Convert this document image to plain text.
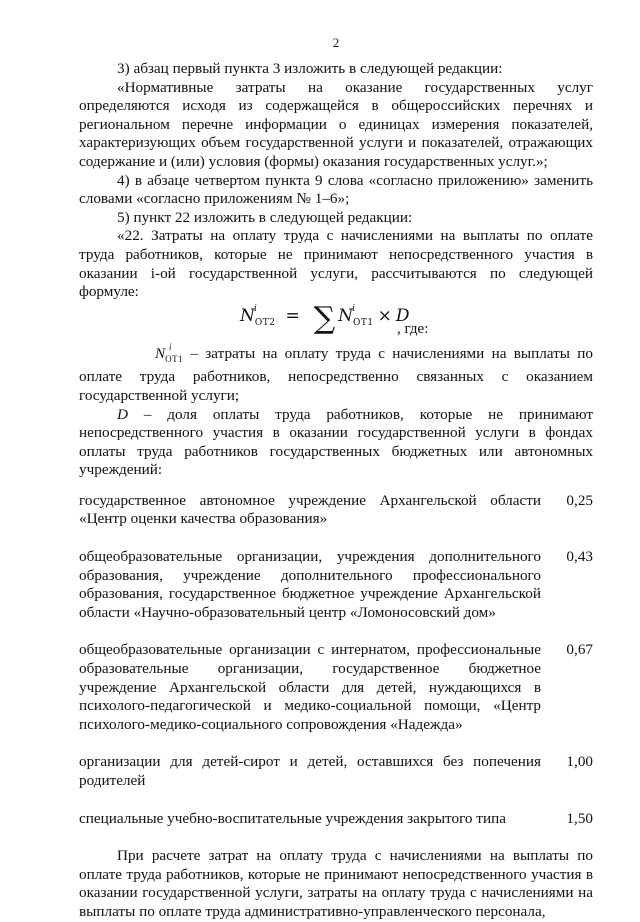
2

3) абзац первый пункта 3 изложить в следующей редакции:

«Нормативные затраты на оказание государственных услуг определяются исходя из содержащейся в общероссийских перечнях и региональном перечне информации о единицах измерения показателей, характеризующих объем государственной услуги и показателей, отражающих содержание и (или) условия (формы) оказания государственных услуг.»;

4) в абзаце четвертом пункта 9 слова «согласно приложению» заменить словами «согласно приложениям № 1–6»;

5) пункт 22 изложить в следующей редакции:

«22. Затраты на оплату труда с начислениями на выплаты по оплате труда работников, которые не принимают непосредственного участия в оказании i-ой государственной услуги, рассчитываются по следующей формуле:

N i
$_{ОТ2}$ = ∑ N i
$_{ОТ1}$ × D
, где:

N i
$_{ОТ1}$ – затраты на оплату труда с начислениями на выплаты по оплате труда работников, непосредственно связанных с оказанием государственной услуги;

D – доля оплаты труда работников, которые не принимают непосредственного участия в оказании государственной услуги в фондах оплаты труда работников государственных бюджетных или автономных учреждений:

государственное автономное учреждение Архангельской области «Центр оценки качества образования»
0,25
общеобразовательные организации, учреждения дополнительного образования, учреждение дополнительного профессионального образования, государственное бюджетное учреждение Архангельской области «Научно-образовательный центр «Ломоносовский дом»
0,43
общеобразовательные организации с интернатом, профессиональные образовательные организации, государственное бюджетное учреждение Архангельской области для детей, нуждающихся в психолого-педагогической и медико-социальной помощи, «Центр психолого-медико-социального сопровождения «Надежда»
0,67
организации для детей-сирот и детей, оставшихся без попечения родителей
1,00
специальные учебно-воспитательные учреждения закрытого типа	1,50

При расчете затрат на оплату труда с начислениями на выплаты по оплате труда работников, которые не принимают непосредственного участия в оказании государственной услуги, затраты на оплату труда с начислениями на выплаты по оплате труда административно-управленческого персонала,
